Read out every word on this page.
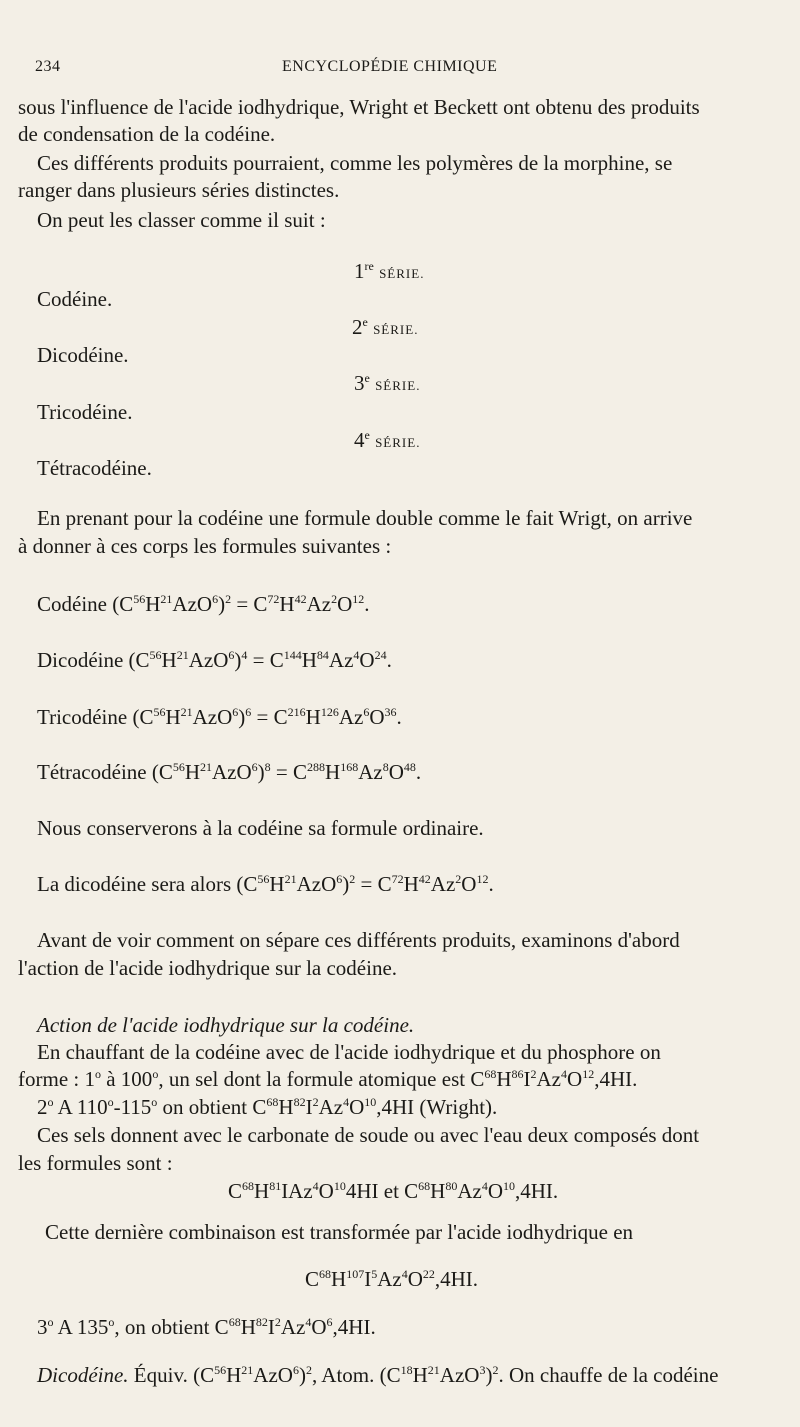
234	ENCYCLOPÉDIE CHIMIQUE
sous l'influence de l'acide iodhydrique, Wright et Beckett ont obtenu des produits
de condensation de la codéine.
Ces différents produits pourraient, comme les polymères de la morphine, se
ranger dans plusieurs séries distinctes.
On peut les classer comme il suit :
1re SÉRIE.
Codéine.
2e SÉRIE.
Dicodéine.
3e SÉRIE.
Tricodéine.
4e SÉRIE.
Tétracodéine.
En prenant pour la codéine une formule double comme le fait Wrigt, on arrive
à donner à ces corps les formules suivantes :
Codéine $(C^{56}H^{21}AzO^6)^2 = C^{72}H^{42}Az^2O^{12}$.
Dicodéine $(C^{56}H^{21}AzO^6)^4 = C^{144}H^{84}Az^4O^{24}$.
Tricodéine $(C^{56}H^{21}AzO^6)^6 = C^{216}H^{126}Az^6O^{36}$.
Tétracodéine $(C^{56}H^{21}AzO^6)^8 = C^{288}H^{168}Az^8O^{48}$.
Nous conserverons à la codéine sa formule ordinaire.
La dicodéine sera alors $(C^{56}H^{21}AzO^6)^2 = C^{72}H^{42}Az^2O^{12}$.
Avant de voir comment on sépare ces différents produits, examinons d'abord
l'action de l'acide iodhydrique sur la codéine.
Action de l'acide iodhydrique sur la codéine.
En chauffant de la codéine avec de l'acide iodhydrique et du phosphore on
forme : 1$^o$ à 100$^o$, un sel dont la formule atomique est $C^{68}H^{86}I^2Az^4O^{12},4HI$.
2$^o$ A 110$^o$-115$^o$ on obtient $C^{68}H^{82}I^2Az^4O^{10},4HI$ (Wright).
Ces sels donnent avec le carbonate de soude ou avec l'eau deux composés dont
les formules sont :
$C^{68}H^{81}IAz^4O^{10}4HI$ et $C^{68}H^{80}Az^4O^{10},4HI$.
Cette dernière combinaison est transformée par l'acide iodhydrique en
$C^{68}H^{107}I^5Az^4O^{22},4HI$.
3$^o$ A 135$^o$, on obtient $C^{68}H^{82}I^2Az^4O^6,4HI$.
Dicodéine. Équiv. $(C^{56}H^{21}AzO^6)^2$, Atom. $(C^{18}H^{21}AzO^3)^2$. On chauffe de la codéine
